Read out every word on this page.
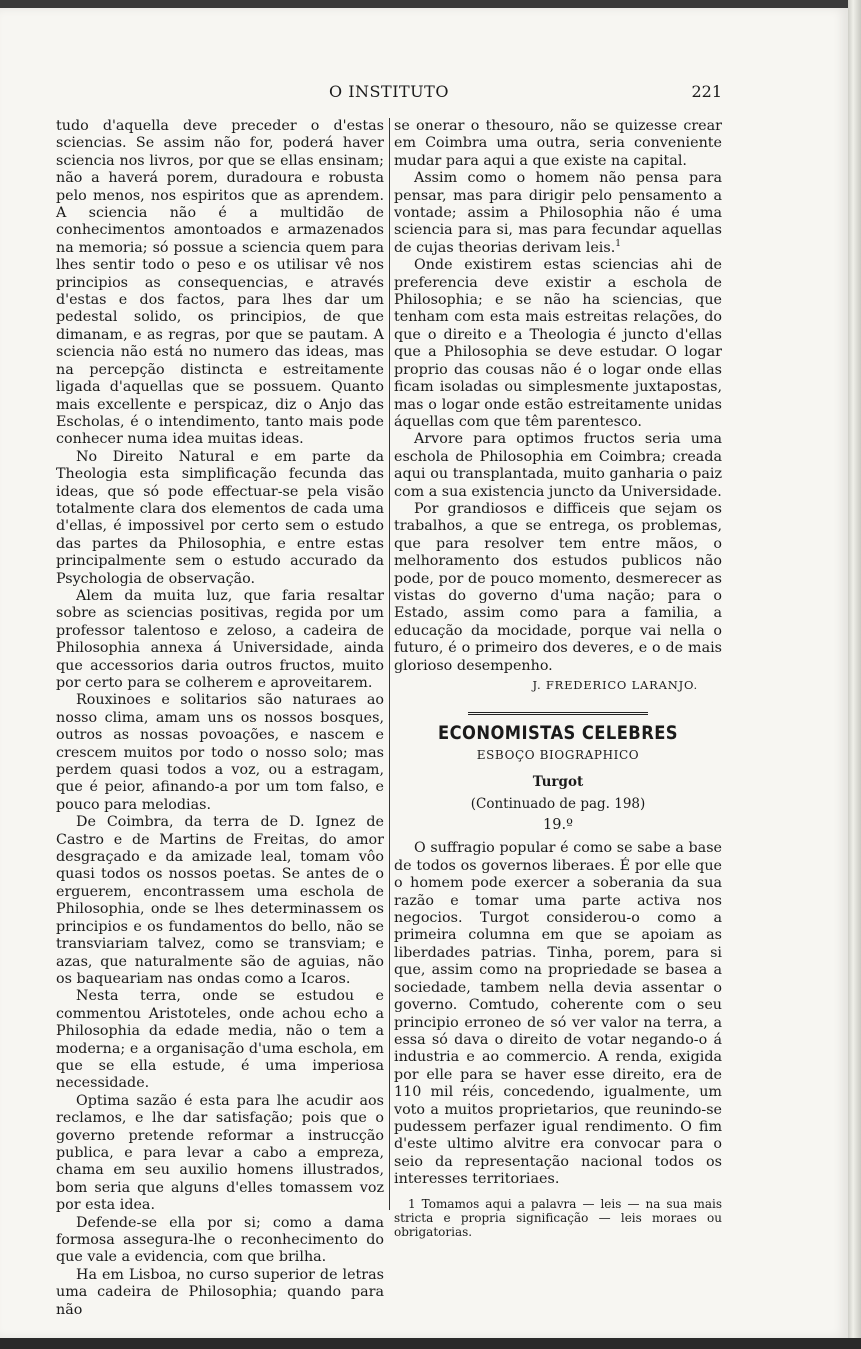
O INSTITUTO	221

tudo d'aquella deve preceder o d'estas sciencias. Se assim não for, poderá haver sciencia nos livros, por que se ellas ensinam; não a haverá porem, duradoura e robusta pelo menos, nos espiritos que as aprendem. A sciencia não é a multidão de conhecimentos amontoados e armazenados na memoria; só possue a sciencia quem para lhes sentir todo o peso e os utilisar vê nos principios as consequencias, e através d'estas e dos factos, para lhes dar um pedestal solido, os principios, de que dimanam, e as regras, por que se pautam. A sciencia não está no numero das ideas, mas na percepção distincta e estreitamente ligada d'aquellas que se possuem. Quanto mais excellente e perspicaz, diz o Anjo das Escholas, é o intendimento, tanto mais pode conhecer numa idea muitas ideas.

No Direito Natural e em parte da Theologia esta simplificação fecunda das ideas, que só pode effectuar-se pela visão totalmente clara dos elementos de cada uma d'ellas, é impossivel por certo sem o estudo das partes da Philosophia, e entre estas principalmente sem o estudo accurado da Psychologia de observação.

Alem da muita luz, que faria resaltar sobre as sciencias positivas, regida por um professor talentoso e zeloso, a cadeira de Philosophia annexa á Universidade, ainda que accessorios daria outros fructos, muito por certo para se colherem e aproveitarem.

Rouxinoes e solitarios são naturaes ao nosso clima, amam uns os nossos bosques, outros as nossas povoações, e nascem e crescem muitos por todo o nosso solo; mas perdem quasi todos a voz, ou a estragam, que é peior, afinando-a por um tom falso, e pouco para melodias.

De Coimbra, da terra de D. Ignez de Castro e de Martins de Freitas, do amor desgraçado e da amizade leal, tomam vôo quasi todos os nossos poetas. Se antes de o erguerem, encontrassem uma escholа de Philosophia, onde se lhes determinassem os principios e os fundamentos do bello, não se transviariam talvez, como se transviam; e azas, que naturalmente são de aguias, não os baqueariam nas ondas como a Icaros.

Nesta terra, onde se estudou e commentou Aristoteles, onde achou echo a Philosophia da edade media, não o tem a moderna; e a organisação d'uma escholа, em que se ella estude, é uma imperiosa necessidade.

Optima sazão é esta para lhe acudir aos reclamos, e lhe dar satisfação; pois que o governo pretende reformar a instrucção publica, e para levar a cabo a empreza, chama em seu auxilio homens illustrados, bom seria que alguns d'elles tomassem voz por esta idea.

Defende-se ella por si; como a dama formosa assegura-lhe o reconhecimento do que vale a evidencia, com que brilha.

Ha em Lisboa, no curso superior de letras uma cadeira de Philosophia; quando para não

se onerar o thesouro, não se quizesse crear em Coimbra uma outra, seria conveniente mudar para aqui a que existe na capital.

Assim como o homem não pensa para pensar, mas para dirigir pelo pensamento a vontade; assim a Philosophia não é uma sciencia para si, mas para fecundar aquellas de cujas theorias derivam leis.$^1$

Onde existirem estas sciencias ahi de preferencia deve existir a escholа de Philosophia; e se não ha sciencias, que tenham com esta mais estreitas relações, do que o direito e a Theologia é juncto d'ellas que a Philosophia se deve estudar. O logar proprio das cousas não é o logar onde ellas ficam isoladas ou simplesmente juxtapostas, mas o logar onde estão estreitamente unidas áquellas com que têm parentesco.

Arvore para optimos fructos seria uma escholа de Philosophia em Coimbra; creada aqui ou transplantada, muito ganharia o paiz com a sua existencia juncto da Universidade.

Por grandiosos e difficeis que sejam os trabalhos, a que se entrega, os problemas, que para resolver tem entre mãos, o melhoramento dos estudos publicos não pode, por de pouco momento, desmerecer as vistas do governo d'uma nação; para o Estado, assim como para a familia, a educação da mocidade, porque vai nella o futuro, é o primeiro dos deveres, e o de mais glorioso desempenho.

J. FREDERICO LARANJO.
ECONOMISTAS CELEBRES
ESBOÇO BIOGRAPHICO
Turgot
(Continuado de pag. 198)
19.º

O suffragio popular é como se sabe a base de todos os governos liberaes. É por elle que o homem pode exercer a soberania da sua razão e tomar uma parte activa nos negocios. Turgot considerou-o como a primeira columna em que se apoiam as liberdades patrias. Tinha, porem, para si que, assim como na propriedade se basea a sociedade, tambem nella devia assentar o governo. Comtudo, coherente com o seu principio erroneo de só ver valor na terra, a essa só dava o direito de votar negando-o á industria e ao commercio. A renda, exigida por elle para se haver esse direito, era de 110 mil réis, concedendo, igualmente, um voto a muitos proprietarios, que reunindo-se pudessem perfazer igual rendimento. O fim d'este ultimo alvitre era convocar para o seio da representação nacional todos os interesses territoriaes.

1 Tomamos aqui a palavra — leis — na sua mais stricta e propria significação — leis moraes ou obrigatorias.
